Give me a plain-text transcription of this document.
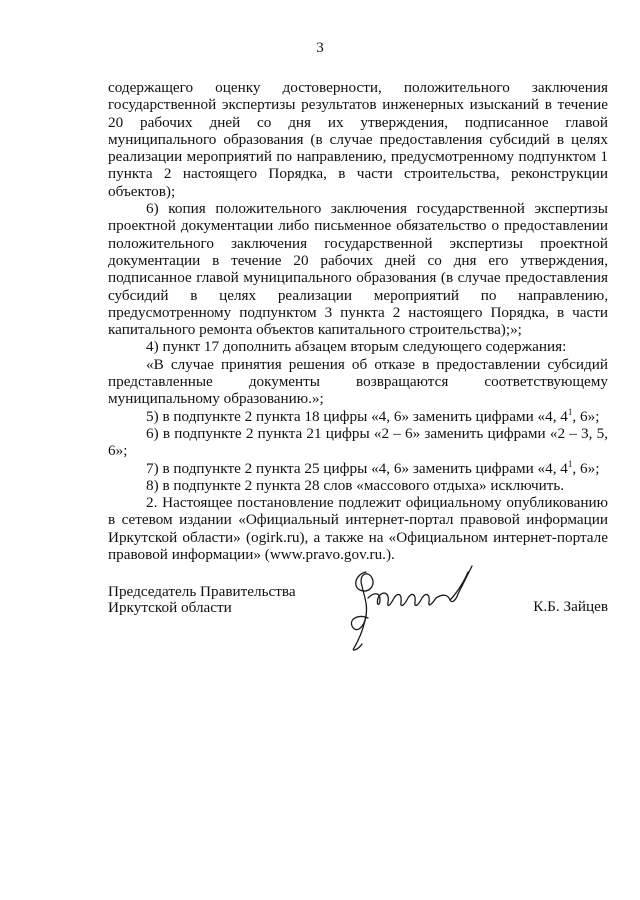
3

содержащего оценку достоверности, положительного заключения государственной экспертизы результатов инженерных изысканий в течение 20 рабочих дней со дня их утверждения, подписанное главой муниципального образования (в случае предоставления субсидий в целях реализации мероприятий по направлению, предусмотренному подпунктом 1 пункта 2 настоящего Порядка, в части строительства, реконструкции объектов);

6) копия положительного заключения государственной экспертизы проектной документации либо письменное обязательство о предоставлении положительного заключения государственной экспертизы проектной документации в течение 20 рабочих дней со дня его утверждения, подписанное главой муниципального образования (в случае предоставления субсидий в целях реализации мероприятий по направлению, предусмотренному подпунктом 3 пункта 2 настоящего Порядка, в части капитального ремонта объектов капитального строительства);»;

4) пункт 17 дополнить абзацем вторым следующего содержания:

«В случае принятия решения об отказе в предоставлении субсидий представленные документы возвращаются соответствующему муниципальному образованию.»;

5) в подпункте 2 пункта 18 цифры «4, 6» заменить цифрами «4, $4^1$, 6»;

6) в подпункте 2 пункта 21 цифры «2 – 6» заменить цифрами «2 – 3, 5, 6»;

7) в подпункте 2 пункта 25 цифры «4, 6» заменить цифрами «4, $4^1$, 6»;

8) в подпункте 2 пункта 28 слов «массового отдыха» исключить.

2. Настоящее постановление подлежит официальному опубликованию в сетевом издании «Официальный интернет-портал правовой информации Иркутской области» (ogirk.ru), а также на «Официальном интернет-портале правовой информации» (www.pravo.gov.ru.).

Председатель Правительства
Иркутской области	К.Б. Зайцев
